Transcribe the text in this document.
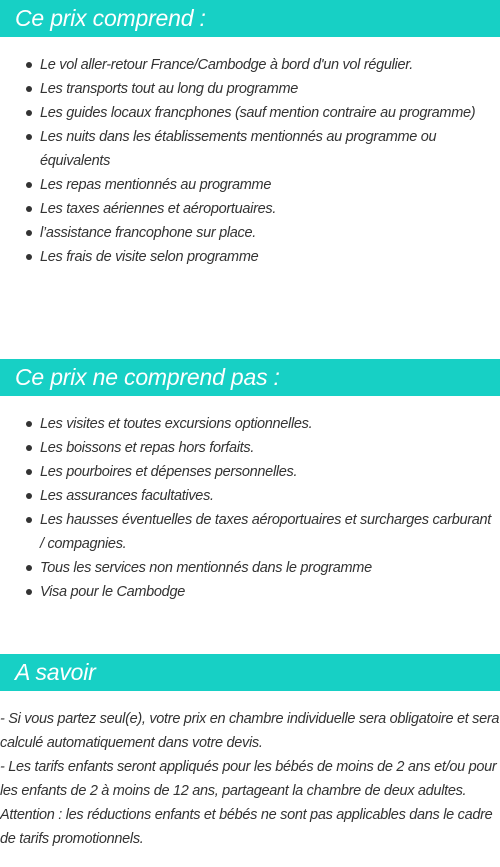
Ce prix comprend :
Le vol aller-retour France/Cambodge à bord d'un vol régulier.
Les transports tout au long du programme
Les guides locaux francphones (sauf mention contraire au programme)
Les nuits dans les établissements mentionnés au programme ou équivalents
Les repas mentionnés au programme
Les taxes aériennes et aéroportuaires.
l’assistance francophone sur place.
Les frais de visite selon programme
Ce prix ne comprend pas :
Les visites et toutes excursions optionnelles.
Les boissons et repas hors forfaits.
Les pourboires et dépenses personnelles.
Les assurances facultatives.
Les hausses éventuelles de taxes aéroportuaires et surcharges carburant / compagnies.
Tous les services non mentionnés dans le programme
Visa pour le Cambodge
A savoir

- Si vous partez seul(e), votre prix en chambre individuelle sera obligatoire et sera calculé automatiquement dans votre devis.

- Les tarifs enfants seront appliqués pour les bébés de moins de 2 ans et/ou pour les enfants de 2 à moins de 12 ans, partageant la chambre de deux adultes.

Attention : les réductions enfants et bébés ne sont pas applicables dans le cadre de tarifs promotionnels.
